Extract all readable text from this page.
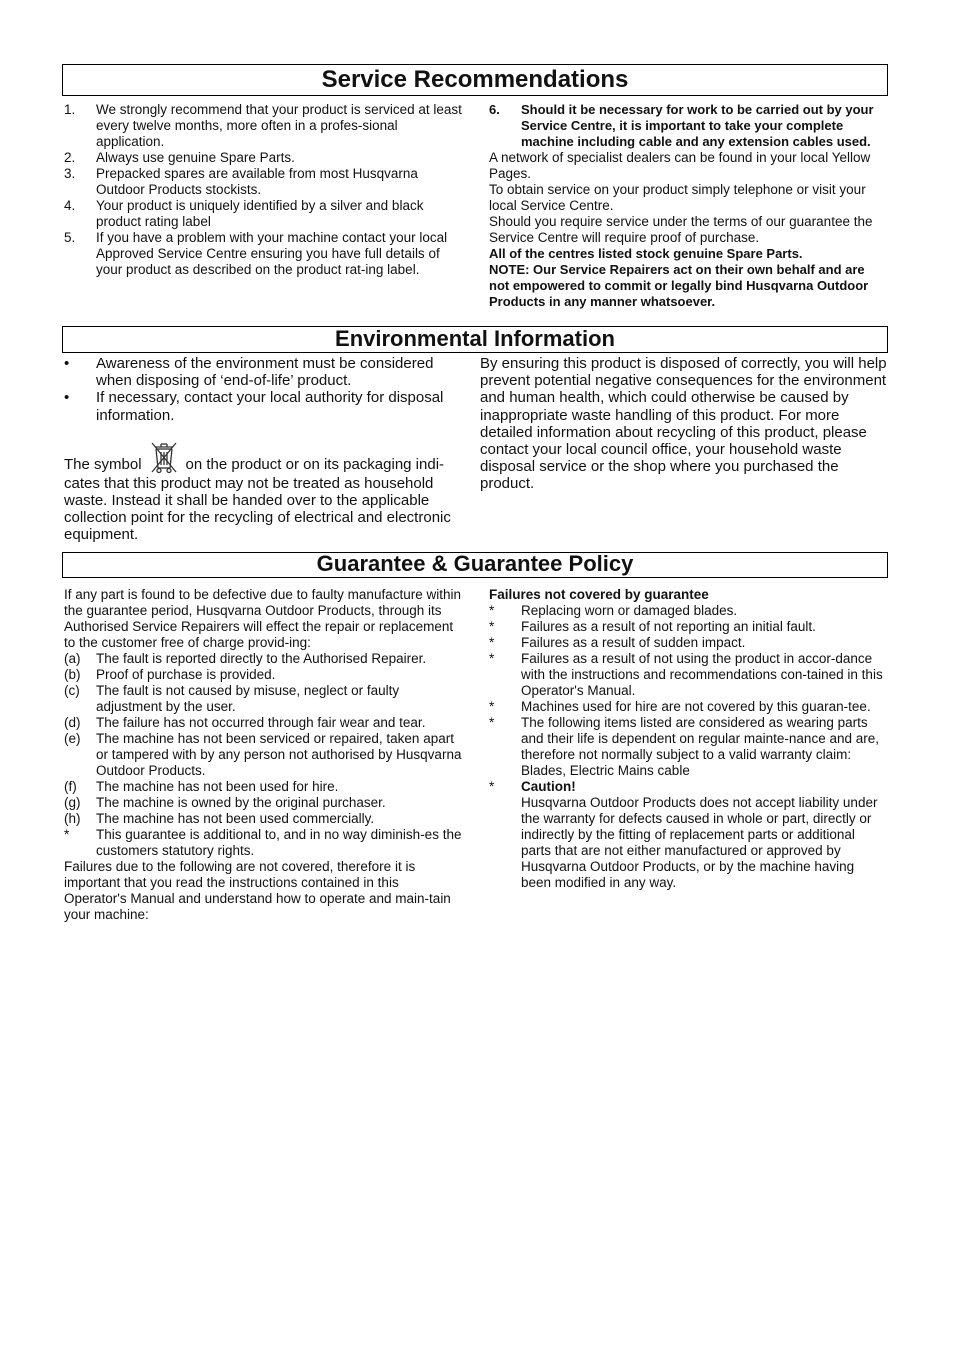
Service Recommendations
1.	We strongly recommend that your product is serviced at least every twelve months, more often in a profes-sional application.
2.	Always use genuine Spare Parts.
3.	Prepacked spares are available from most Husqvarna Outdoor Products stockists.
4.	Your product is uniquely identified by a silver and black product rating label
5.	If you have a problem with your machine contact your local Approved Service Centre ensuring you have full details of your product as described on the product rat-ing label.
6.	Should it be necessary for work to be carried out by your Service Centre, it is important to take your complete machine including cable and any extension cables used.

A network of specialist dealers can be found in your local Yellow Pages.

To obtain service on your product simply telephone or visit your local Service Centre.

Should you require service under the terms of our guarantee the Service Centre will require proof of purchase.

All of the centres listed stock genuine Spare Parts.

NOTE: Our Service Repairers act on their own behalf and are not empowered to commit or legally bind Husqvarna Outdoor Products in any manner whatsoever.

Environmental Information
•	Awareness of the environment must be considered when disposing of ‘end-of-life’ product.
•	If necessary, contact your local authority for disposal information.

The symbol	on the product or on its packaging indi-cates that this product may not be treated as household waste. Instead it shall be handed over to the applicable collection point for the recycling of electrical and electronic equipment.

By ensuring this product is disposed of correctly, you will help prevent potential negative consequences for the environment and human health, which could otherwise be caused by inappropriate waste handling of this product. For more detailed information about recycling of this product, please contact your local council office, your household waste disposal service or the shop where you purchased the product.

Guarantee & Guarantee Policy

If any part is found to be defective due to faulty manufacture within the guarantee period, Husqvarna Outdoor Products, through its Authorised Service Repairers will effect the repair or replacement to the customer free of charge provid-ing:

(a)	The fault is reported directly to the Authorised Repairer.
(b)	Proof of purchase is provided.
(c)	The fault is not caused by misuse, neglect or faulty adjustment by the user.
(d)	The failure has not occurred through fair wear and tear.
(e)	The machine has not been serviced or repaired, taken apart or tampered with by any person not authorised by Husqvarna Outdoor Products.
(f)	The machine has not been used for hire.
(g)	The machine is owned by the original purchaser.
(h)	The machine has not been used commercially.
*	This guarantee is additional to, and in no way diminish-es the customers statutory rights.

Failures due to the following are not covered, therefore it is important that you read the instructions contained in this Operator's Manual and understand how to operate and main-tain your machine:

Failures not covered by guarantee

*	Replacing worn or damaged blades.
*	Failures as a result of not reporting an initial fault.
*	Failures as a result of sudden impact.
*	Failures as a result of not using the product in accor-dance with the instructions and recommendations con-tained in this Operator's Manual.
*	Machines used for hire are not covered by this guaran-tee.
*	The following items listed are considered as wearing parts and their life is dependent on regular mainte-nance and are, therefore not normally subject to a valid warranty claim: Blades, Electric Mains cable
*	Caution!
Husqvarna Outdoor Products does not accept liability under the warranty for defects caused in whole or part, directly or indirectly by the fitting of replacement parts or additional parts that are not either manufactured or approved by Husqvarna Outdoor Products, or by the machine having been modified in any way.
